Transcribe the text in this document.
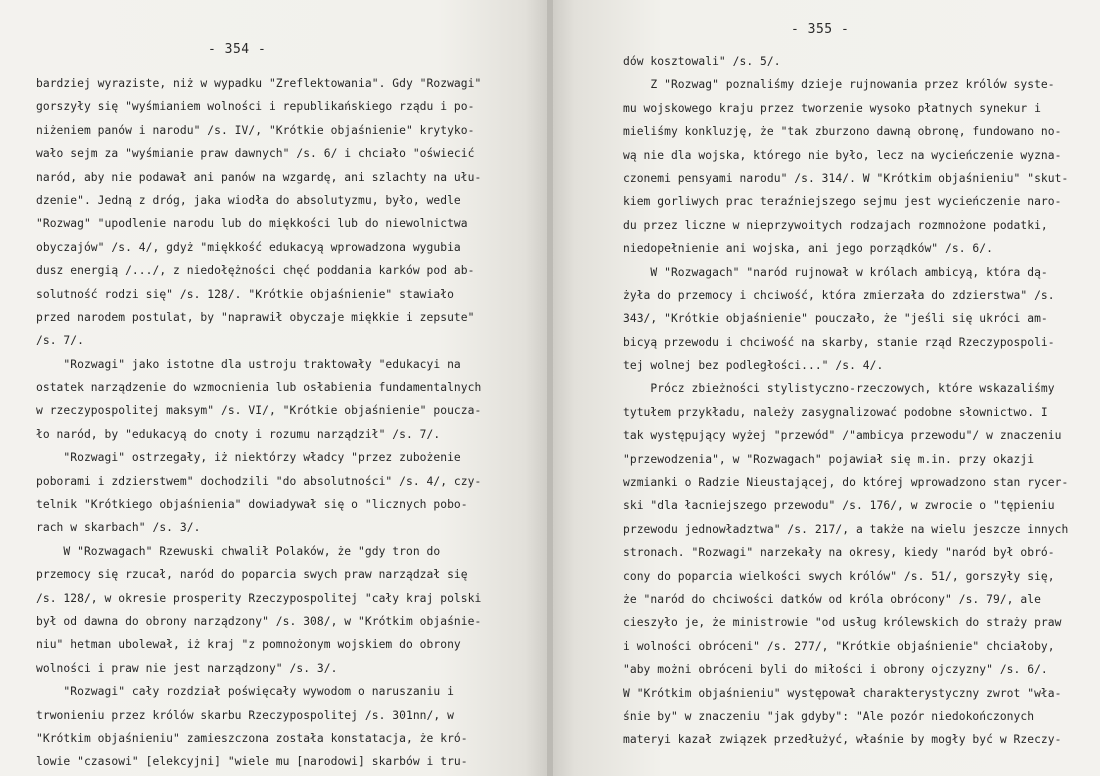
- 354 -
bardziej wyraziste, niż w wypadku "Zreflektowania". Gdy "Rozwagi"
gorszyły się "wyśmianiem wolności i republikańskiego rządu i po-
niżeniem panów i narodu" /s. IV/, "Krótkie objaśnienie" krytyko-
wało sejm za "wyśmianie praw dawnych" /s. 6/ i chciało "oświecić
naród, aby nie podawał ani panów na wzgardę, ani szlachty na ułu-
dzenie". Jedną z dróg, jaka wiodła do absolutyzmu, było, wedle
"Rozwag" "upodlenie narodu lub do miękkości lub do niewolnictwa
obyczajów" /s. 4/, gdyż "miękkość edukacyą wprowadzona wygubia
dusz energią /.../, z niedołężności chęć poddania karków pod ab-
solutność rodzi się" /s. 128/. "Krótkie objaśnienie" stawiało
przed narodem postulat, by "naprawił obyczaje miękkie i zepsute"
/s. 7/.
"Rozwagi" jako istotne dla ustroju traktowały "edukacyi na
ostatek narządzenie do wzmocnienia lub osłabienia fundamentalnych
w rzeczypospolitej maksym" /s. VI/, "Krótkie objaśnienie" poucza-
ło naród, by "edukacyą do cnoty i rozumu narządził" /s. 7/.
"Rozwagi" ostrzegały, iż niektórzy władcy "przez zubożenie
poborami i zdzierstwem" dochodzili "do absolutności" /s. 4/, czy-
telnik "Krótkiego objaśnienia" dowiadywał się o "licznych pobo-
rach w skarbach" /s. 3/.
W "Rozwagach" Rzewuski chwalił Polaków, że "gdy tron do
przemocy się rzucał, naród do poparcia swych praw narządzał się
/s. 128/, w okresie prosperity Rzeczypospolitej "cały kraj polski
był od dawna do obrony narządzony" /s. 308/, w "Krótkim objaśnie-
niu" hetman ubolewał, iż kraj "z pomnożonym wojskiem do obrony
wolności i praw nie jest narządzony" /s. 3/.
"Rozwagi" cały rozdział poświęcały wywodom o naruszaniu i
trwonieniu przez królów skarbu Rzeczypospolitej /s. 301nn/, w
"Krótkim objaśnieniu" zamieszczona została konstatacja, że kró-
lowie "czasowi" [elekcyjni] "wiele mu [narodowi] skarbów i tru-
- 355 -
dów kosztowali" /s. 5/.
Z "Rozwag" poznaliśmy dzieje rujnowania przez królów syste-
mu wojskowego kraju przez tworzenie wysoko płatnych synekur i
mieliśmy konkluzję, że "tak zburzono dawną obronę, fundowano no-
wą nie dla wojska, którego nie było, lecz na wycieńczenie wyzna-
czonemi pensyami narodu" /s. 314/. W "Krótkim objaśnieniu" "skut-
kiem gorliwych prac teraźniejszego sejmu jest wycieńczenie naro-
du przez liczne w nieprzywoitych rodzajach rozmnożone podatki,
niedopełnienie ani wojska, ani jego porządków" /s. 6/.
W "Rozwagach" "naród rujnował w królach ambicyą, która dą-
żyła do przemocy i chciwość, która zmierzała do zdzierstwa" /s.
343/, "Krótkie objaśnienie" pouczało, że "jeśli się ukróci am-
bicyą przewodu i chciwość na skarby, stanie rząd Rzeczypospoli-
tej wolnej bez podległości..." /s. 4/.
Prócz zbieżności stylistyczno-rzeczowych, które wskazaliśmy
tytułem przykładu, należy zasygnalizować podobne słownictwo. I
tak występujący wyżej "przewód" /"ambicya przewodu"/ w znaczeniu
"przewodzenia", w "Rozwagach" pojawiał się m.in. przy okazji
wzmianki o Radzie Nieustającej, do której wprowadzono stan rycer-
ski "dla łacniejszego przewodu" /s. 176/, w zwrocie o "tępieniu
przewodu jednowładztwa" /s. 217/, a także na wielu jeszcze innych
stronach. "Rozwagi" narzekały na okresy, kiedy "naród był obró-
cony do poparcia wielkości swych królów" /s. 51/, gorszyły się,
że "naród do chciwości datków od króla obrócony" /s. 79/, ale
cieszyło je, że ministrowie "od usług królewskich do straży praw
i wolności obróceni" /s. 277/, "Krótkie objaśnienie" chciałoby,
"aby możni obróceni byli do miłości i obrony ojczyzny" /s. 6/.
W "Krótkim objaśnieniu" występował charakterystyczny zwrot "wła-
śnie by" w znaczeniu "jak gdyby": "Ale pozór niedokończonych
materyi kazał związek przedłużyć, właśnie by mogły być w Rzeczy-
